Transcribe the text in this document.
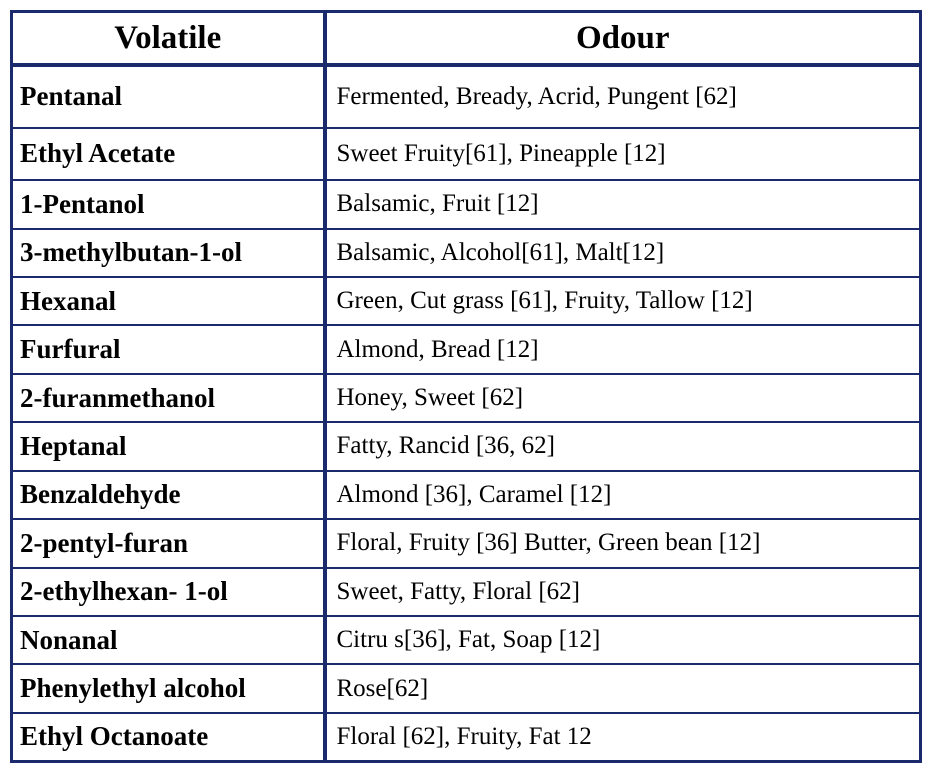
Volatile	Odour
Pentanal	Fermented, Bready, Acrid, Pungent [62]
Ethyl Acetate	Sweet Fruity[61], Pineapple [12]
1-Pentanol	Balsamic, Fruit [12]
3-methylbutan-1-ol	Balsamic, Alcohol[61], Malt[12]
Hexanal	Green, Cut grass [61], Fruity, Tallow [12]
Furfural	Almond, Bread [12]
2-furanmethanol	Honey, Sweet [62]
Heptanal	Fatty, Rancid [36, 62]
Benzaldehyde	Almond [36], Caramel [12]
2-pentyl-furan	Floral, Fruity [36] Butter, Green bean [12]
2-ethylhexan- 1-ol	Sweet, Fatty, Floral [62]
Nonanal	Citru s[36], Fat, Soap [12]
Phenylethyl alcohol	Rose[62]
Ethyl Octanoate	Floral [62], Fruity, Fat 12
